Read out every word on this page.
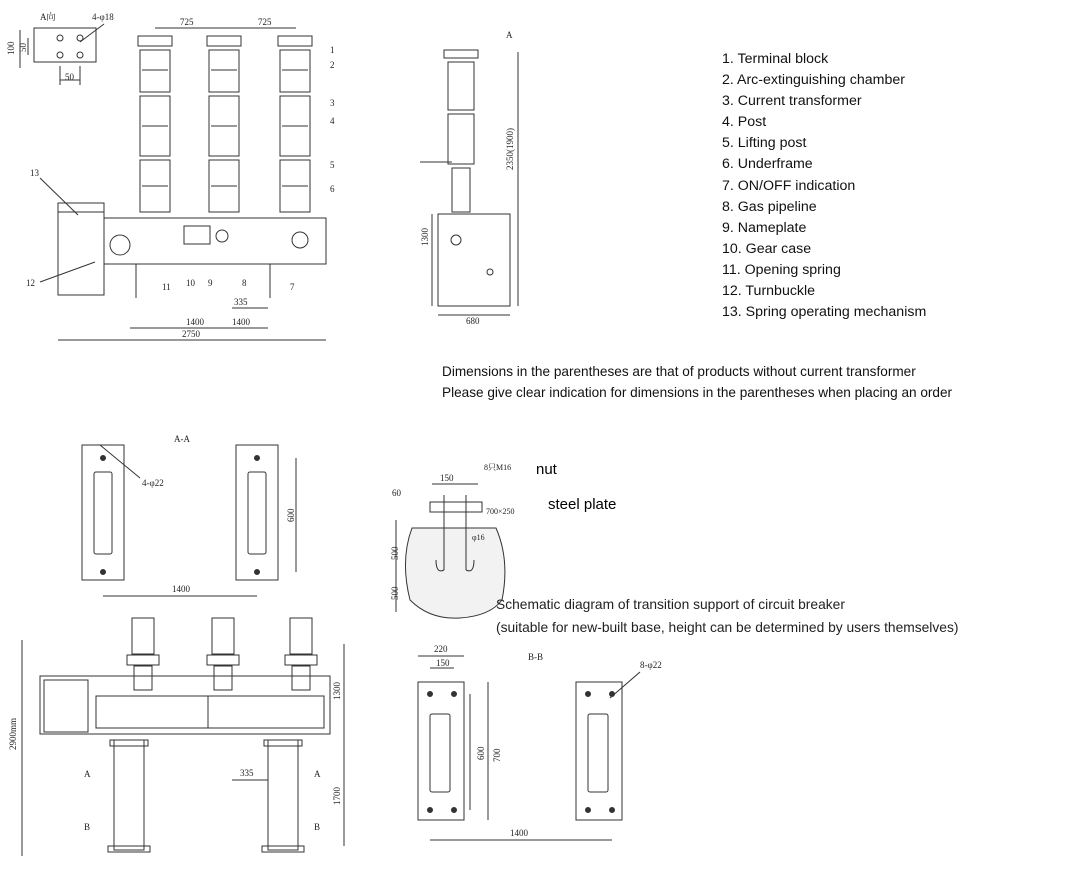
A向	4-φ18
100 50
50
725	725
335
1400	1400
2750
1
2
3
4
5
6
7
8
9
10
11
12
13
A
2350(1900)
1300
680
A-A
4-φ22
600
1400
2900mm
1300
1700
335
A	A
B	B
150
8只M16
60
700×250
φ16
500
500
220
150
B-B
8-φ22
600 700
1400
1. Terminal block
2. Arc-extinguishing chamber
3. Current transformer
4. Post
5. Lifting post
6. Underframe
7. ON/OFF indication
8. Gas pipeline
9. Nameplate
10. Gear case
11. Opening spring
12. Turnbuckle
13. Spring operating mechanism
Dimensions in the parentheses are that of products without current transformer
Please give clear indication for dimensions in the parentheses when placing an order
nut
steel plate
Schematic diagram of transition support of circuit breaker
(suitable for new-built base, height can be determined by users themselves)
